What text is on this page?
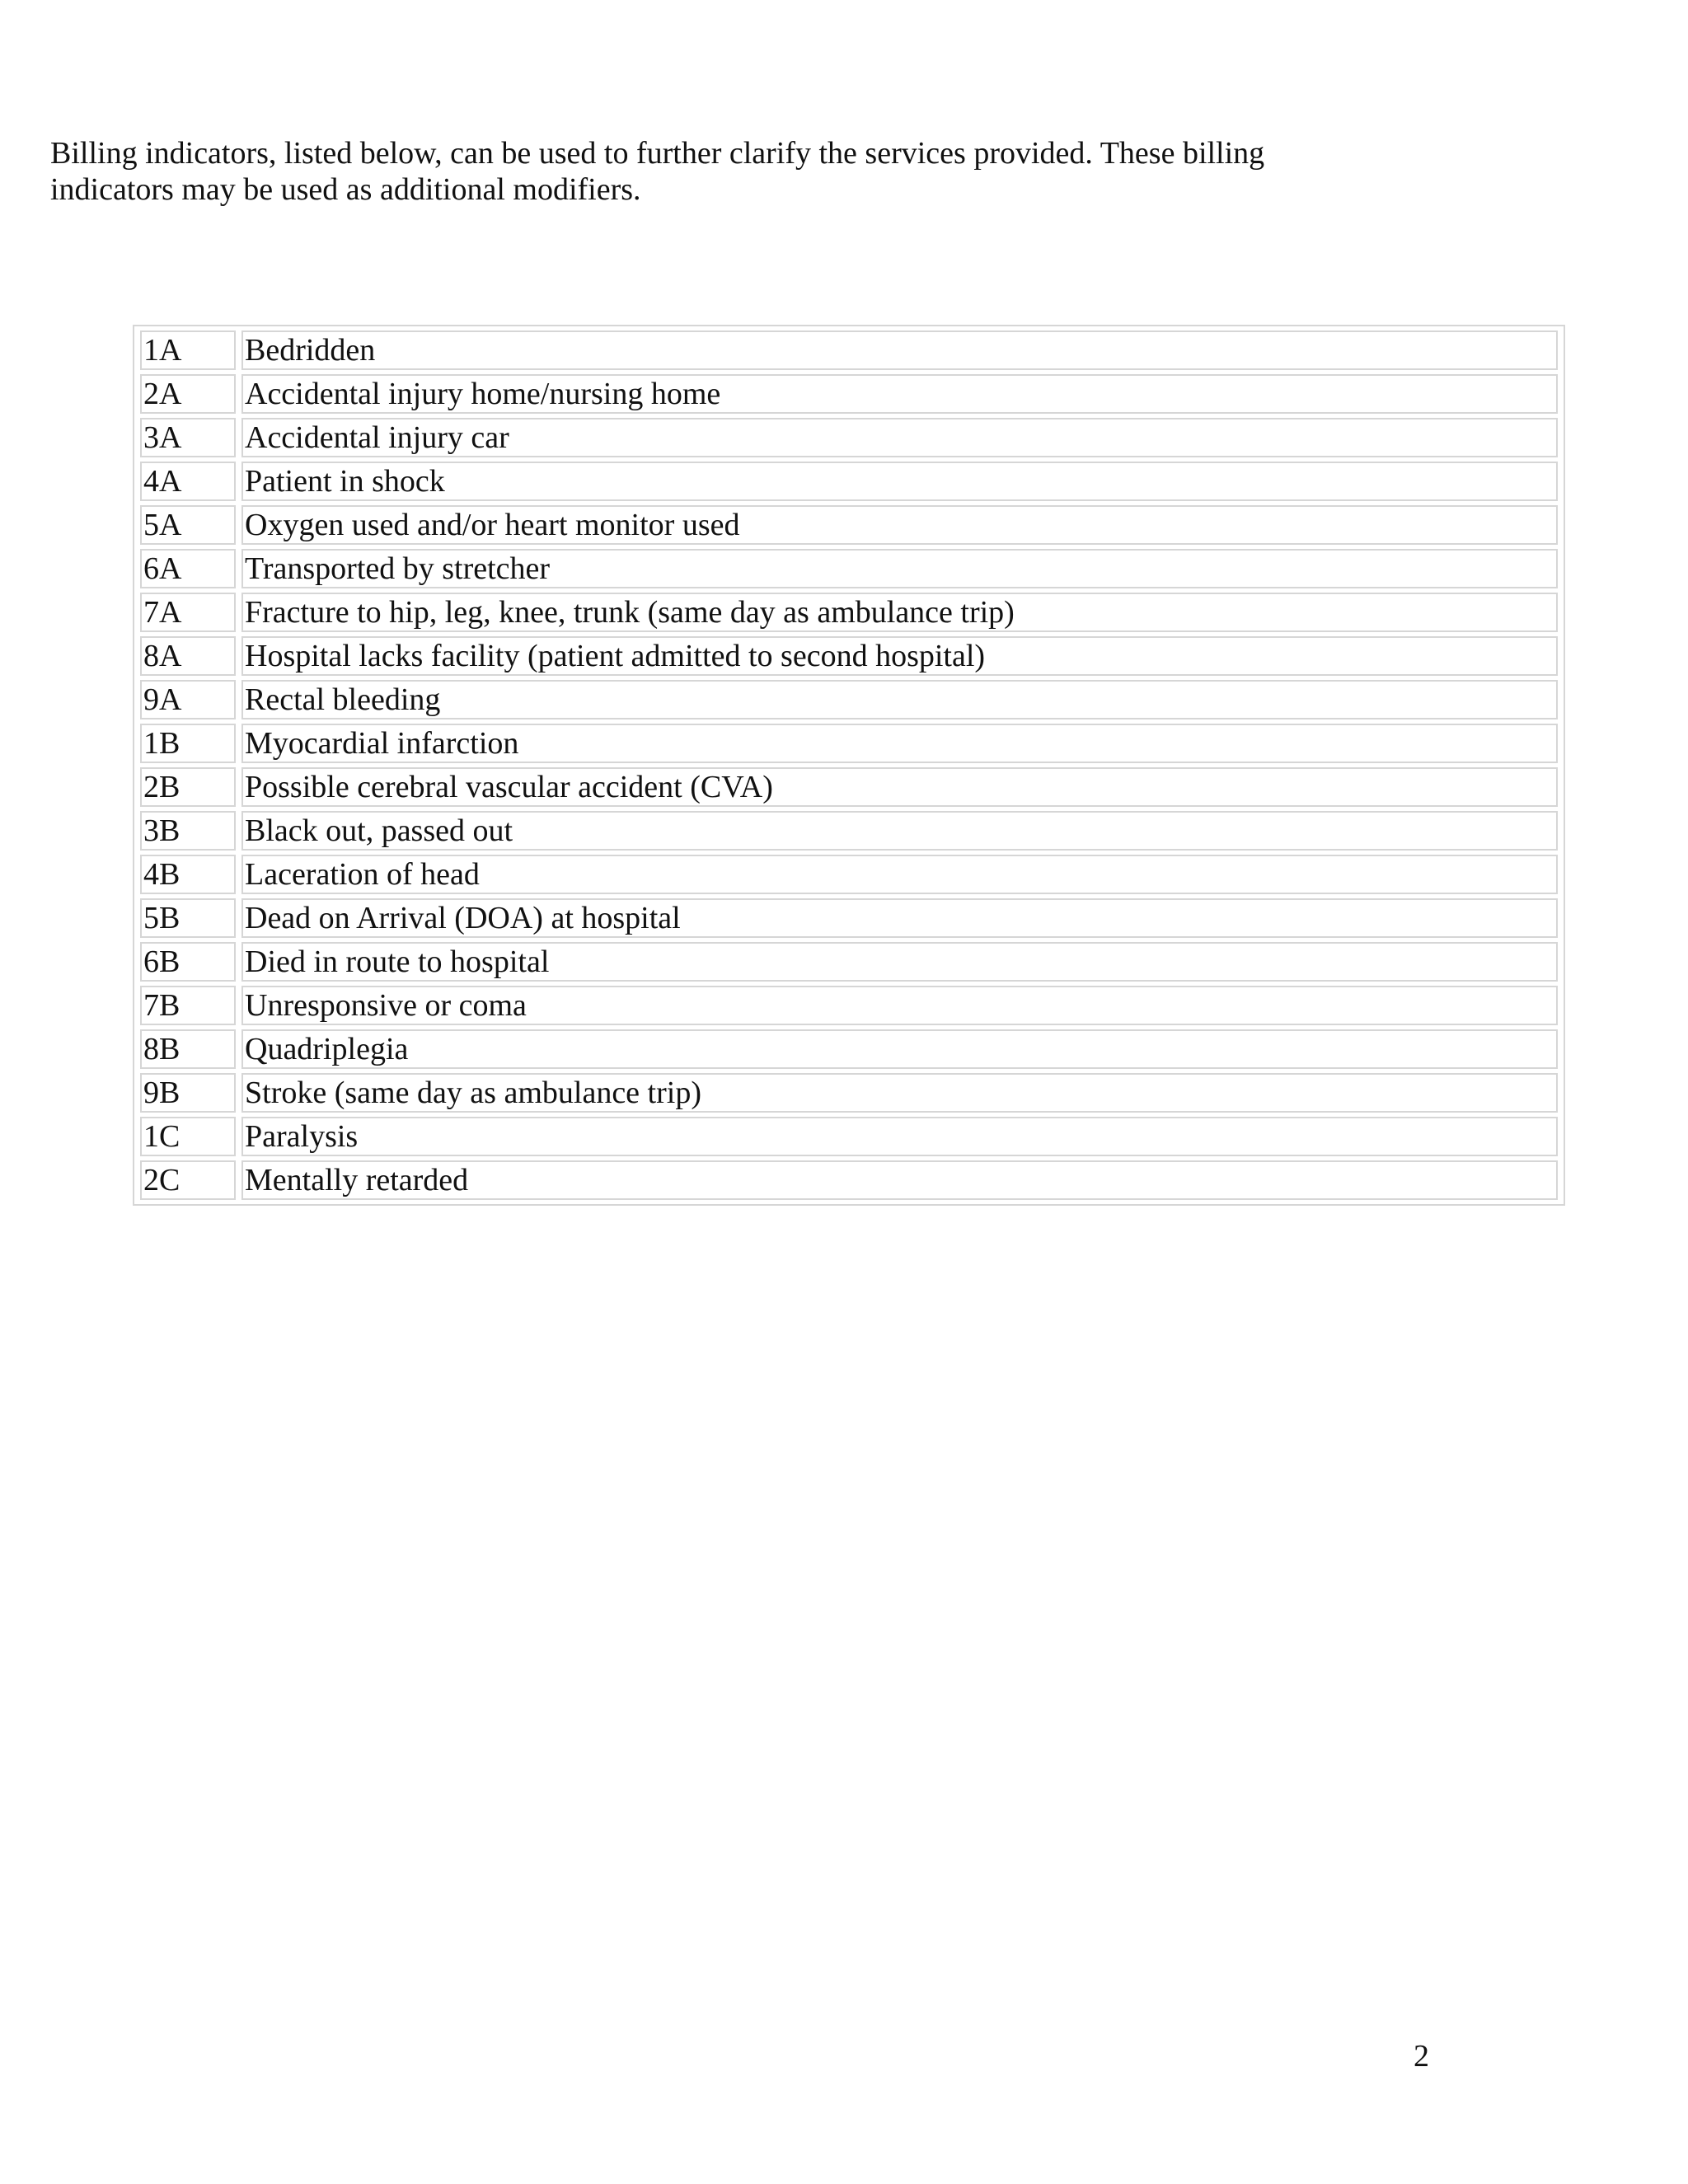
Billing indicators, listed below, can be used to further clarify the services provided. These billing
indicators may be used as additional modifiers.

1A	Bedridden
2A	Accidental injury home/nursing home
3A	Accidental injury car
4A	Patient in shock
5A	Oxygen used and/or heart monitor used
6A	Transported by stretcher
7A	Fracture to hip, leg, knee, trunk (same day as ambulance trip)
8A	Hospital lacks facility (patient admitted to second hospital)
9A	Rectal bleeding
1B	Myocardial infarction
2B	Possible cerebral vascular accident (CVA)
3B	Black out, passed out
4B	Laceration of head
5B	Dead on Arrival (DOA) at hospital
6B	Died in route to hospital
7B	Unresponsive or coma
8B	Quadriplegia
9B	Stroke (same day as ambulance trip)
1C	Paralysis
2C	Mentally retarded
2
